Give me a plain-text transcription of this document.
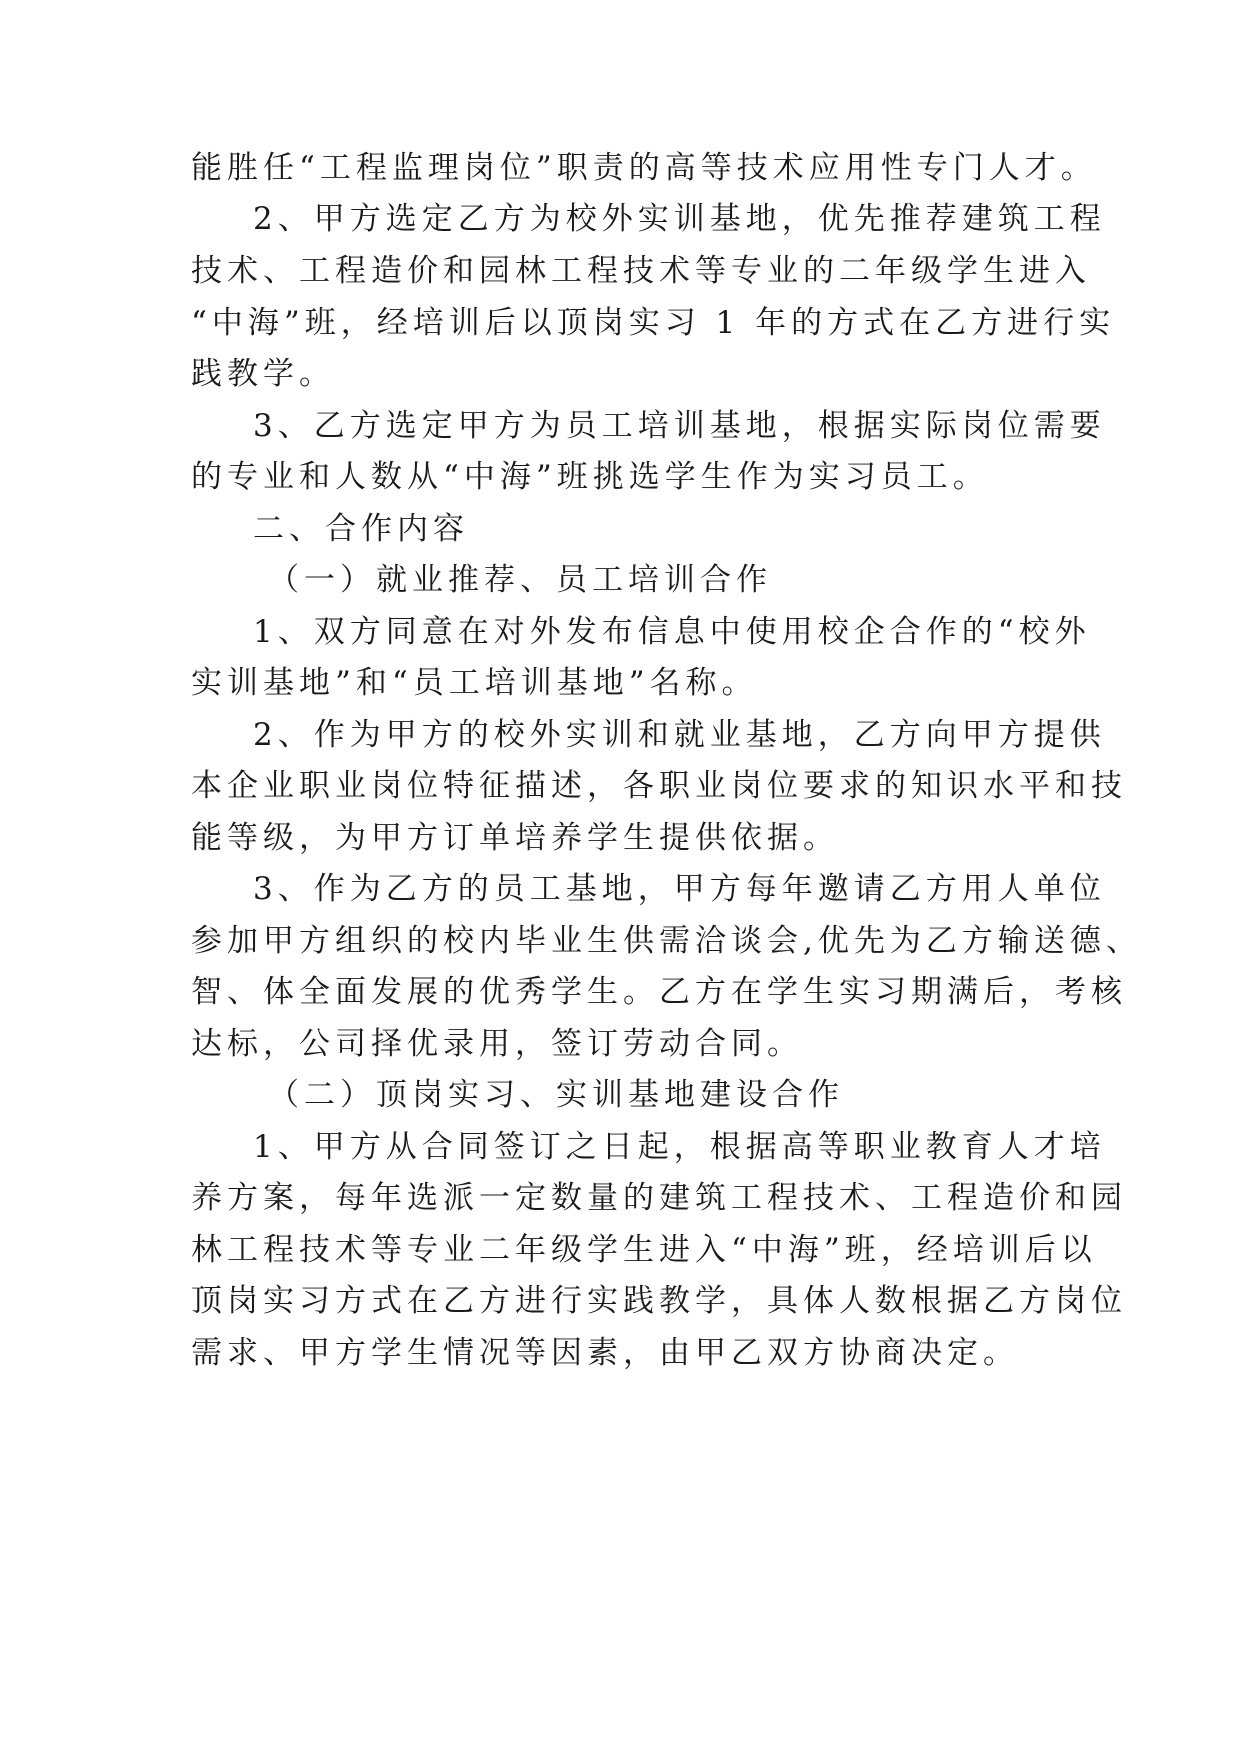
能胜任“工程监理岗位”职责的高等技术应用性专门人才。

2、甲方选定乙方为校外实训基地，优先推荐建筑工程

技术、工程造价和园林工程技术等专业的二年级学生进入

“中海”班，经培训后以顶岗实习 1 年的方式在乙方进行实

践教学。

3、乙方选定甲方为员工培训基地，根据实际岗位需要

的专业和人数从“中海”班挑选学生作为实习员工。

二、合作内容

（一）就业推荐、员工培训合作

1、双方同意在对外发布信息中使用校企合作的“校外

实训基地”和“员工培训基地”名称。

2、作为甲方的校外实训和就业基地，乙方向甲方提供

本企业职业岗位特征描述，各职业岗位要求的知识水平和技

能等级，为甲方订单培养学生提供依据。

3、作为乙方的员工基地，甲方每年邀请乙方用人单位

参加甲方组织的校内毕业生供需洽谈会,优先为乙方输送德、

智、体全面发展的优秀学生。乙方在学生实习期满后，考核

达标，公司择优录用，签订劳动合同。

（二）顶岗实习、实训基地建设合作

1、甲方从合同签订之日起，根据高等职业教育人才培

养方案，每年选派一定数量的建筑工程技术、工程造价和园

林工程技术等专业二年级学生进入“中海”班，经培训后以

顶岗实习方式在乙方进行实践教学，具体人数根据乙方岗位

需求、甲方学生情况等因素，由甲乙双方协商决定。
